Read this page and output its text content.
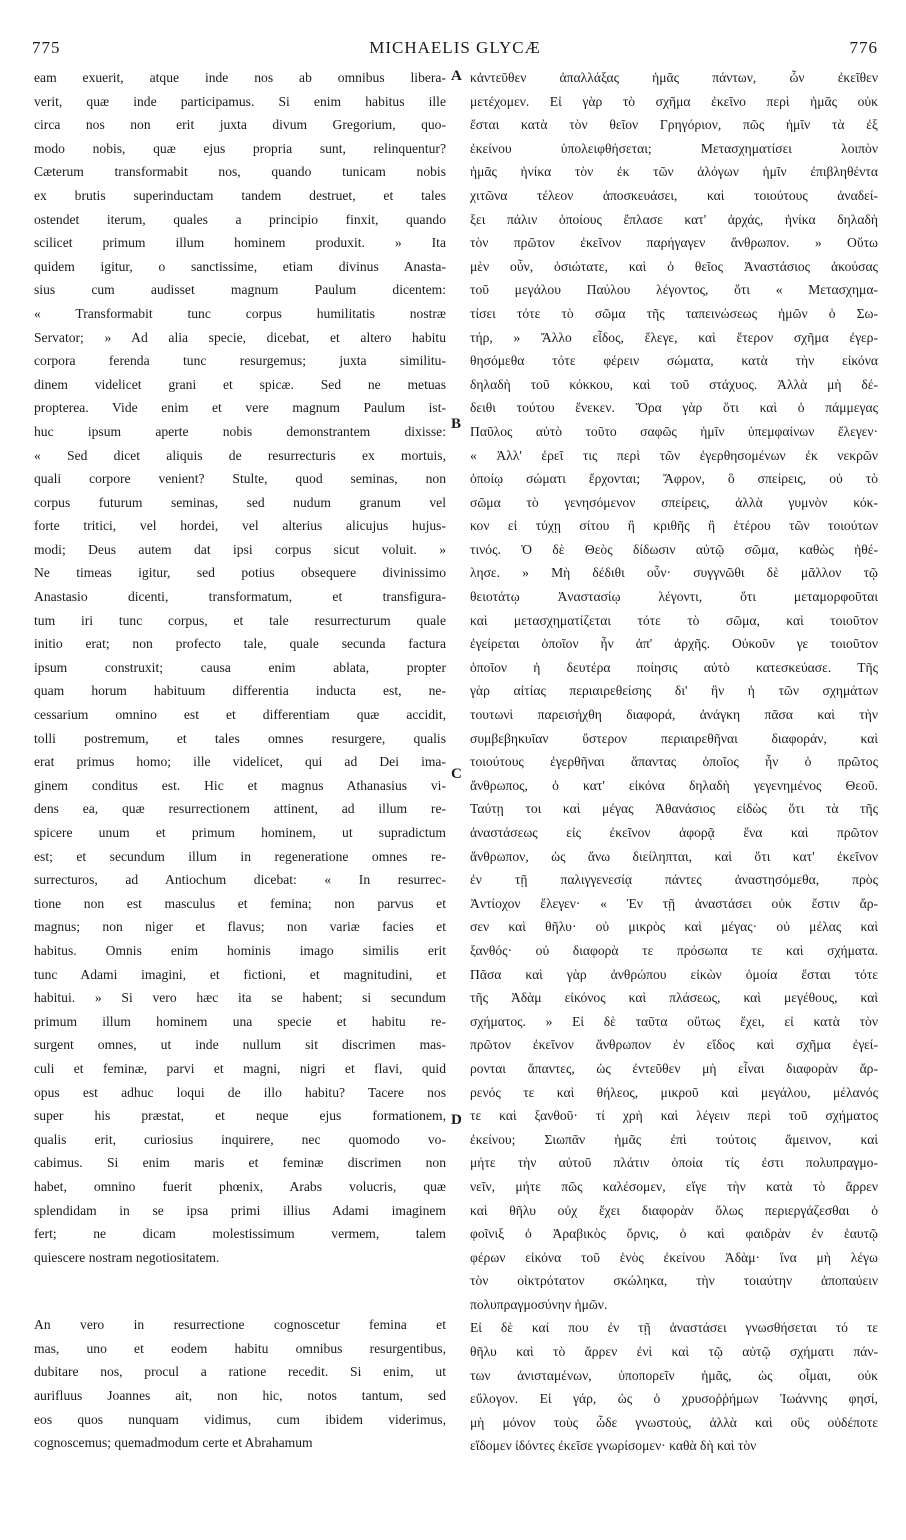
775	MICHAELIS GLYCÆ	776
eam exuerit, atque inde nos ab omnibus libera-
verit, quæ inde participamus. Si enim habitus ille
circa nos non erit juxta divum Gregorium, quo-
modo nobis, quæ ejus propria sunt, relinquentur?
Cæterum transformabit nos, quando tunicam nobis
ex brutis superinductam tandem destruet, et tales
ostendet iterum, quales a principio finxit, quando
scilicet primum illum hominem produxit. » Ita
quidem igitur, o sanctissime, etiam divinus Anasta-
sius cum audisset magnum Paulum dicentem:
« Transformabit tunc corpus humilitatis nostræ
Servator; » Ad alia specie, dicebat, et altero habitu
corpora ferenda tunc resurgemus; juxta similitu-
dinem videlicet grani et spicæ. Sed ne metuas
propterea. Vide enim et vere magnum Paulum ist-
huc ipsum aperte nobis demonstrantem dixisse:
« Sed dicet aliquis de resurrecturis ex mortuis,
quali corpore venient? Stulte, quod seminas, non
corpus futurum seminas, sed nudum granum vel
forte tritici, vel hordei, vel alterius alicujus hujus-
modi; Deus autem dat ipsi corpus sicut voluit. »
Ne timeas igitur, sed potius obsequere divinissimo
Anastasio dicenti, transformatum, et transfigura-
tum iri tunc corpus, et tale resurrecturum quale
initio erat; non profecto tale, quale secunda factura
ipsum construxit; causa enim ablata, propter
quam horum habituum differentia inducta est, ne-
cessarium omnino est et differentiam quæ accidit,
tolli postremum, et tales omnes resurgere, qualis
erat primus homo; ille videlicet, qui ad Dei ima-
ginem conditus est. Hic et magnus Athanasius vi-
dens ea, quæ resurrectionem attinent, ad illum re-
spicere unum et primum hominem, ut supradictum
est; et secundum illum in regeneratione omnes re-
surrecturos, ad Antiochum dicebat: « In resurrec-
tione non est masculus et femina; non parvus et
magnus; non niger et flavus; non variæ facies et
habitus. Omnis enim hominis imago similis erit
tunc Adami imagini, et fictioni, et magnitudini, et
habitui. » Si vero hæc ita se habent; si secundum
primum illum hominem una specie et habitu re-
surgent omnes, ut inde nullum sit discrimen mas-
culi et feminæ, parvi et magni, nigri et flavi, quid
opus est adhuc loqui de illo habitu? Tacere nos
super his præstat, et neque ejus formationem,
qualis erit, curiosius inquirere, nec quomodo vo-
cabimus. Si enim maris et feminæ discrimen non
habet, omnino fuerit phœnix, Arabs volucris, quæ
splendidam in se ipsa primi illius Adami imaginem
fert; ne dicam molestissimum vermem, talem
quiescere nostram negotiositatem.
An vero in resurrectione cognoscetur femina et
mas, uno et eodem habitu omnibus resurgentibus,
dubitare nos, procul a ratione recedit. Si enim, ut
aurifluus Joannes ait, non hic, notos tantum, sed
eos quos nunquam vidimus, cum ibidem viderimus,
cognoscemus; quemadmodum certe et Abrahamum
κἀντεῦθεν ἀπαλλάξας ἡμᾶς πάντων, ὧν ἐκεῖθεν
μετέχομεν. Εἰ γὰρ τὸ σχῆμα ἐκεῖνο περὶ ἡμᾶς οὐκ
ἔσται κατὰ τὸν θεῖον Γρηγόριον, πῶς ἡμῖν τὰ ἐξ
ἐκείνου ὑπολειφθήσεται; Μετασχηματίσει λοιπὸν
ἡμᾶς ἡνίκα τὸν ἐκ τῶν ἀλόγων ἡμῖν ἐπιβληθέντα
χιτῶνα τέλεον ἀποσκευάσει, καὶ τοιούτους ἀναδεί-
ξει πάλιν ὁποίους ἔπλασε κατ' ἀρχάς, ἡνίκα δηλαδὴ
τὸν πρῶτον ἐκεῖνον παρήγαγεν ἄνθρωπον. » Οὕτω
μὲν οὖν, ὁσιώτατε, καὶ ὁ θεῖος Ἀναστάσιος ἀκούσας
τοῦ μεγάλου Παύλου λέγοντος, ὅτι « Μετασχημα-
τίσει τότε τὸ σῶμα τῆς ταπεινώσεως ἡμῶν ὁ Σω-
τήρ, » Ἄλλο εἶδος, ἔλεγε, καὶ ἕτερον σχῆμα ἐγερ-
θησόμεθα τότε φέρειν σώματα, κατὰ τὴν εἰκόνα
δηλαδὴ τοῦ κόκκου, καὶ τοῦ στάχυος. Ἀλλὰ μὴ δέ-
δειθι τούτου ἕνεκεν. Ὅρα γὰρ ὅτι καὶ ὁ πάμμεγας
Παῦλος αὐτὸ τοῦτο σαφῶς ἡμῖν ὑπεμφαίνων ἔλεγεν·
« Ἀλλ' ἐρεῖ τις περὶ τῶν ἐγερθησομένων ἐκ νεκρῶν
ὁποίῳ σώματι ἔρχονται; Ἄφρον, ὃ σπείρεις, οὐ τὸ
σῶμα τὸ γενησόμενον σπείρεις, ἀλλὰ γυμνὸν κόκ-
κον εἰ τύχῃ σίτου ἢ κριθῆς ἢ ἑτέρου τῶν τοιούτων
τινός. Ὁ δὲ Θεὸς δίδωσιν αὐτῷ σῶμα, καθὼς ἠθέ-
λησε. » Μὴ δέδιθι οὖν· συγγνῶθι δὲ μᾶλλον τῷ
θειοτάτῳ Ἀναστασίῳ λέγοντι, ὅτι μεταμορφοῦται
καὶ μετασχηματίζεται τότε τὸ σῶμα, καὶ τοιοῦτον
ἐγείρεται ὁποῖον ἦν ἀπ' ἀρχῆς. Οὐκοῦν γε τοιοῦτον
ὁποῖον ἡ δευτέρα ποίησις αὐτὸ κατεσκεύασε. Τῆς
γὰρ αἰτίας περιαιρεθείσης δι' ἣν ἡ τῶν σχημάτων
τουτωνὶ παρεισήχθη διαφορά, ἀνάγκη πᾶσα καὶ τὴν
συμβεβηκυῖαν ὕστερον περιαιρεθῆναι διαφοράν, καὶ
τοιούτους ἐγερθῆναι ἅπαντας ὁποῖος ἦν ὁ πρῶτος
ἄνθρωπος, ὁ κατ' εἰκόνα δηλαδὴ γεγενημένος Θεοῦ.
Ταύτῃ τοι καὶ μέγας Ἀθανάσιος εἰδὼς ὅτι τὰ τῆς
ἀναστάσεως εἰς ἐκεῖνον ἀφορᾷ ἕνα καὶ πρῶτον
ἄνθρωπον, ὡς ἄνω διείληπται, καὶ ὅτι κατ' ἐκεῖνον
ἐν τῇ παλιγγενεσίᾳ πάντες ἀναστησόμεθα, πρὸς
Ἀντίοχον ἔλεγεν· « Ἐν τῇ ἀναστάσει οὐκ ἔστιν ἄρ-
σεν καὶ θῆλυ· οὐ μικρὸς καὶ μέγας· οὐ μέλας καὶ
ξανθός· οὐ διαφορὰ τε πρόσωπα τε καὶ σχήματα.
Πᾶσα καὶ γὰρ ἀνθρώπου εἰκὼν ὁμοία ἔσται τότε
τῆς Ἀδὰμ εἰκόνος καὶ πλάσεως, καὶ μεγέθους, καὶ
σχήματος. » Εἰ δὲ ταῦτα οὕτως ἔχει, εἰ κατὰ τὸν
πρῶτον ἐκεῖνον ἄνθρωπον ἐν εἴδος καὶ σχῆμα ἐγεί-
ρονται ἅπαντες, ὡς ἐντεῦθεν μὴ εἶναι διαφορὰν ἄρ-
ρενός τε καὶ θήλεος, μικροῦ καὶ μεγάλου, μέλανός
τε καὶ ξανθοῦ· τί χρὴ καὶ λέγειν περὶ τοῦ σχήματος
ἐκείνου; Σιωπᾶν ἡμᾶς ἐπὶ τούτοις ἄμεινον, καὶ
μήτε τὴν αὐτοῦ πλάτιν ὁποία τίς ἐστι πολυπραγμο-
νεῖν, μήτε πῶς καλέσομεν, εἴγε τὴν κατὰ τὸ ἄρρεν
καὶ θῆλυ οὐχ ἔχει διαφορὰν ὅλως περιεργάζεσθαι ὁ
φοῖνιξ ὁ Ἀραβικὸς ὄρνις, ὁ καὶ φαιδρὰν ἐν ἑαυτῷ
φέρων εἰκόνα τοῦ ἑνὸς ἐκείνου Ἀδὰμ· ἵνα μὴ λέγω
τὸν οἰκτρότατον σκώληκα, τὴν τοιαύτην ἀποπαύειν
πολυπραγμοσύνην ἡμῶν.
Εἰ δὲ καί που ἐν τῇ ἀναστάσει γνωσθήσεται τό τε
θῆλυ καὶ τὸ ἄρρεν ἐνὶ καὶ τῷ αὐτῷ σχήματι πάν-
των ἀνισταμένων, ὑποπορεῖν ἡμᾶς, ὡς οἶμαι, οὐκ
εὔλογον. Εἰ γάρ, ὡς ὁ χρυσοῤῥήμων Ἰωάννης φησί,
μὴ μόνον τοὺς ὧδε γνωστούς, ἀλλὰ καὶ οὓς οὐδέποτε
εἴδομεν ἰδόντες ἐκεῖσε γνωρίσομεν· καθὰ δὴ καὶ τὸν
A
B
C
D
